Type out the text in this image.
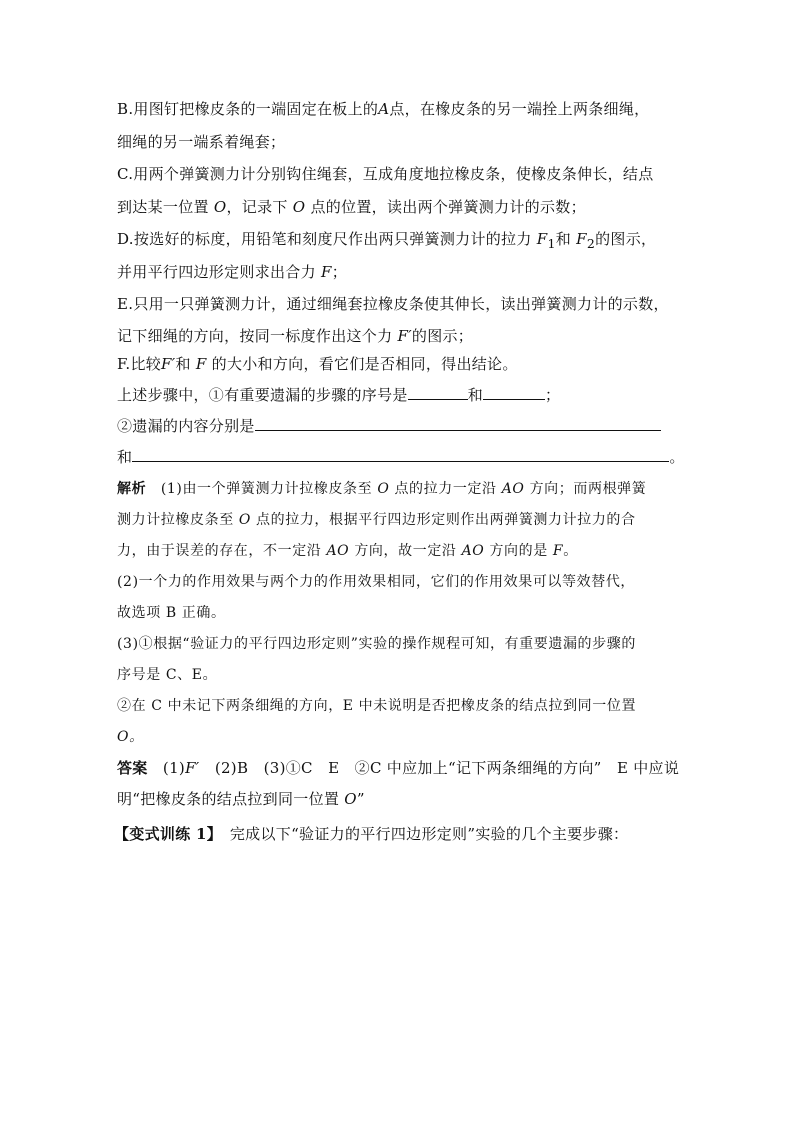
B.用图钉把橡皮条的一端固定在板上的A点，在橡皮条的另一端拴上两条细绳，
细绳的另一端系着绳套；
C.用两个弹簧测力计分别钩住绳套，互成角度地拉橡皮条，使橡皮条伸长，结点
到达某一位置 O，记录下 O 点的位置，读出两个弹簧测力计的示数；
D.按选好的标度，用铅笔和刻度尺作出两只弹簧测力计的拉力 $F_1$和 $F_2$的图示，
并用平行四边形定则求出合力 F；
E.只用一只弹簧测力计，通过细绳套拉橡皮条使其伸长，读出弹簧测力计的示数，
记下细绳的方向，按同一标度作出这个力 F′的图示；
F.比较F′和 F 的大小和方向，看它们是否相同，得出结论。
上述步骤中，①有重要遗漏的步骤的序号是	和	；
②遗漏的内容分别是
和	。
解析　 (1)由一个弹簧测力计拉橡皮条至 O 点的拉力一定沿 AO 方向；而两根弹簧
测力计拉橡皮条至 O 点的拉力，根据平行四边形定则作出两弹簧测力计拉力的合
力，由于误差的存在，不一定沿 AO 方向，故一定沿 AO 方向的是 F。
(2)一个力的作用效果与两个力的作用效果相同，它们的作用效果可以等效替代，
故选项 B 正确。
(3)①根据“验证力的平行四边形定则”实验的操作规程可知，有重要遗漏的步骤的
序号是 C、E。
②在 C 中未记下两条细绳的方向，E 中未说明是否把橡皮条的结点拉到同一位置
O。
答案　 (1)F′　 (2)B　(3)①C　E　②C 中应加上“记下两条细绳的方向”　E 中应说
明“把橡皮条的结点拉到同一位置 O”
【变式训练 1】　 完成以下“验证力的平行四边形定则”实验的几个主要步骤：
